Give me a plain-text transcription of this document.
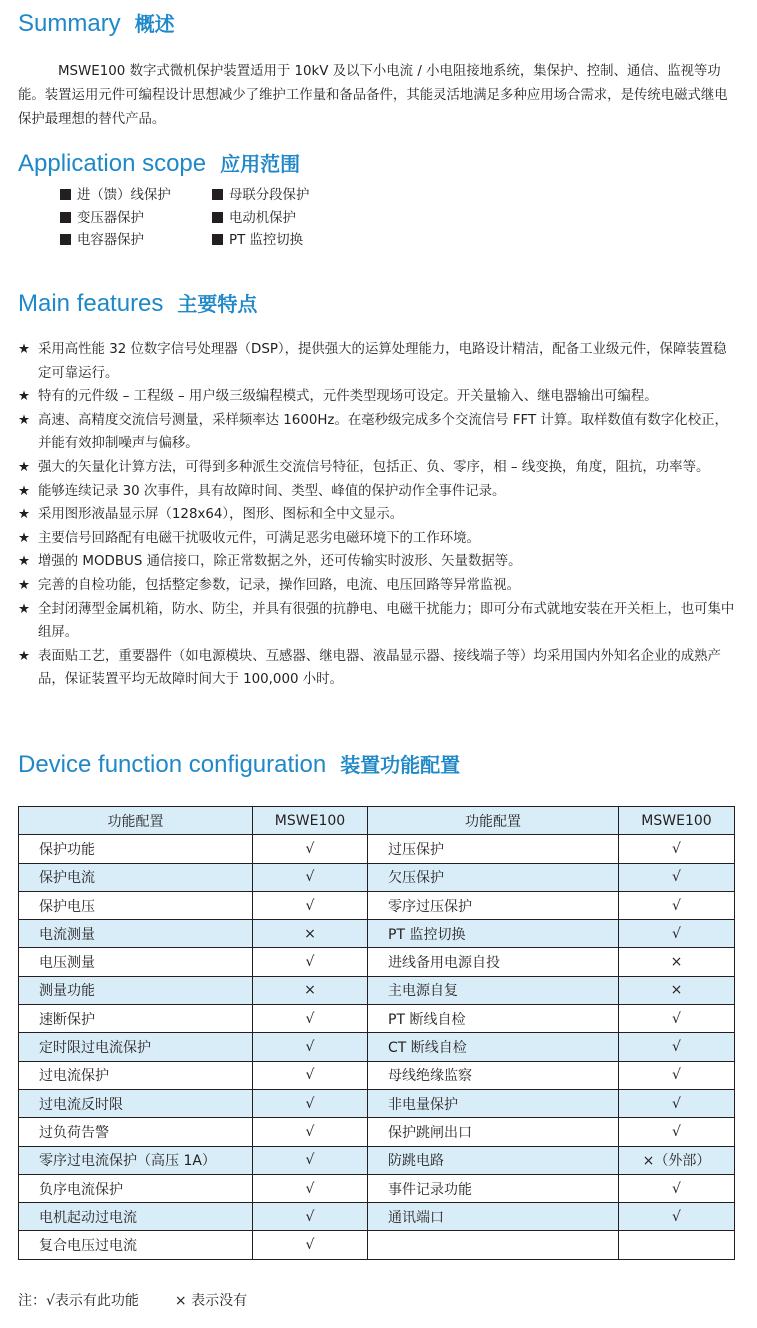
Summary 概述

MSWE100 数字式微机保护装置适用于 10kV 及以下小电流 / 小电阻接地系统，集保护、控制、通信、监视等功能。装置运用元件可编程设计思想减少了维护工作量和备品备件，其能灵活地满足多种应用场合需求，是传统电磁式继电保护最理想的替代产品。

Application scope 应用范围
进（馈）线保护	母联分段保护
变压器保护	电动机保护
电容器保护	PT 监控切换
Main features 主要特点
★ 采用高性能 32 位数字信号处理器（DSP），提供强大的运算处理能力，电路设计精洁，配备工业级元件，保障装置稳定可靠运行。
★ 特有的元件级 – 工程级 – 用户级三级编程模式，元件类型现场可设定。开关量输入、继电器输出可编程。
★ 高速、高精度交流信号测量，采样频率达 1600Hz。在毫秒级完成多个交流信号 FFT 计算。取样数值有数字化校正，并能有效抑制噪声与偏移。
★ 强大的矢量化计算方法，可得到多种派生交流信号特征，包括正、负、零序，相 – 线变换，角度，阻抗，功率等。
★ 能够连续记录 30 次事件，具有故障时间、类型、峰值的保护动作全事件记录。
★ 采用图形液晶显示屏（128x64），图形、图标和全中文显示。
★ 主要信号回路配有电磁干扰吸收元件，可满足恶劣电磁环境下的工作环境。
★ 增强的 MODBUS 通信接口，除正常数据之外，还可传输实时波形、矢量数据等。
★ 完善的自检功能，包括整定参数，记录，操作回路，电流、电压回路等异常监视。
★ 全封闭薄型金属机箱，防水、防尘，并具有很强的抗静电、电磁干扰能力；即可分布式就地安装在开关柜上，也可集中组屏。
★ 表面贴工艺，重要器件（如电源模块、互感器、继电器、液晶显示器、接线端子等）均采用国内外知名企业的成熟产品，保证装置平均无故障时间大于 100,000 小时。
Device function configuration 装置功能配置
功能配置	MSWE100	功能配置	MSWE100
保护功能	√	过压保护	√
保护电流	√	欠压保护	√
保护电压	√	零序过压保护	√
电流测量	×	PT 监控切换	√
电压测量	√	进线备用电源自投	×
测量功能	×	主电源自复	×
速断保护	√	PT 断线自检	√
定时限过电流保护	√	CT 断线自检	√
过电流保护	√	母线绝缘监察	√
过电流反时限	√	非电量保护	√
过负荷告警	√	保护跳闸出口	√
零序过电流保护（高压 1A）	√	防跳电路	×（外部）
负序电流保护	√	事件记录功能	√
电机起动过电流	√	通讯端口	√
复合电压过电流	√		
注：√表示有此功能	× 表示没有
